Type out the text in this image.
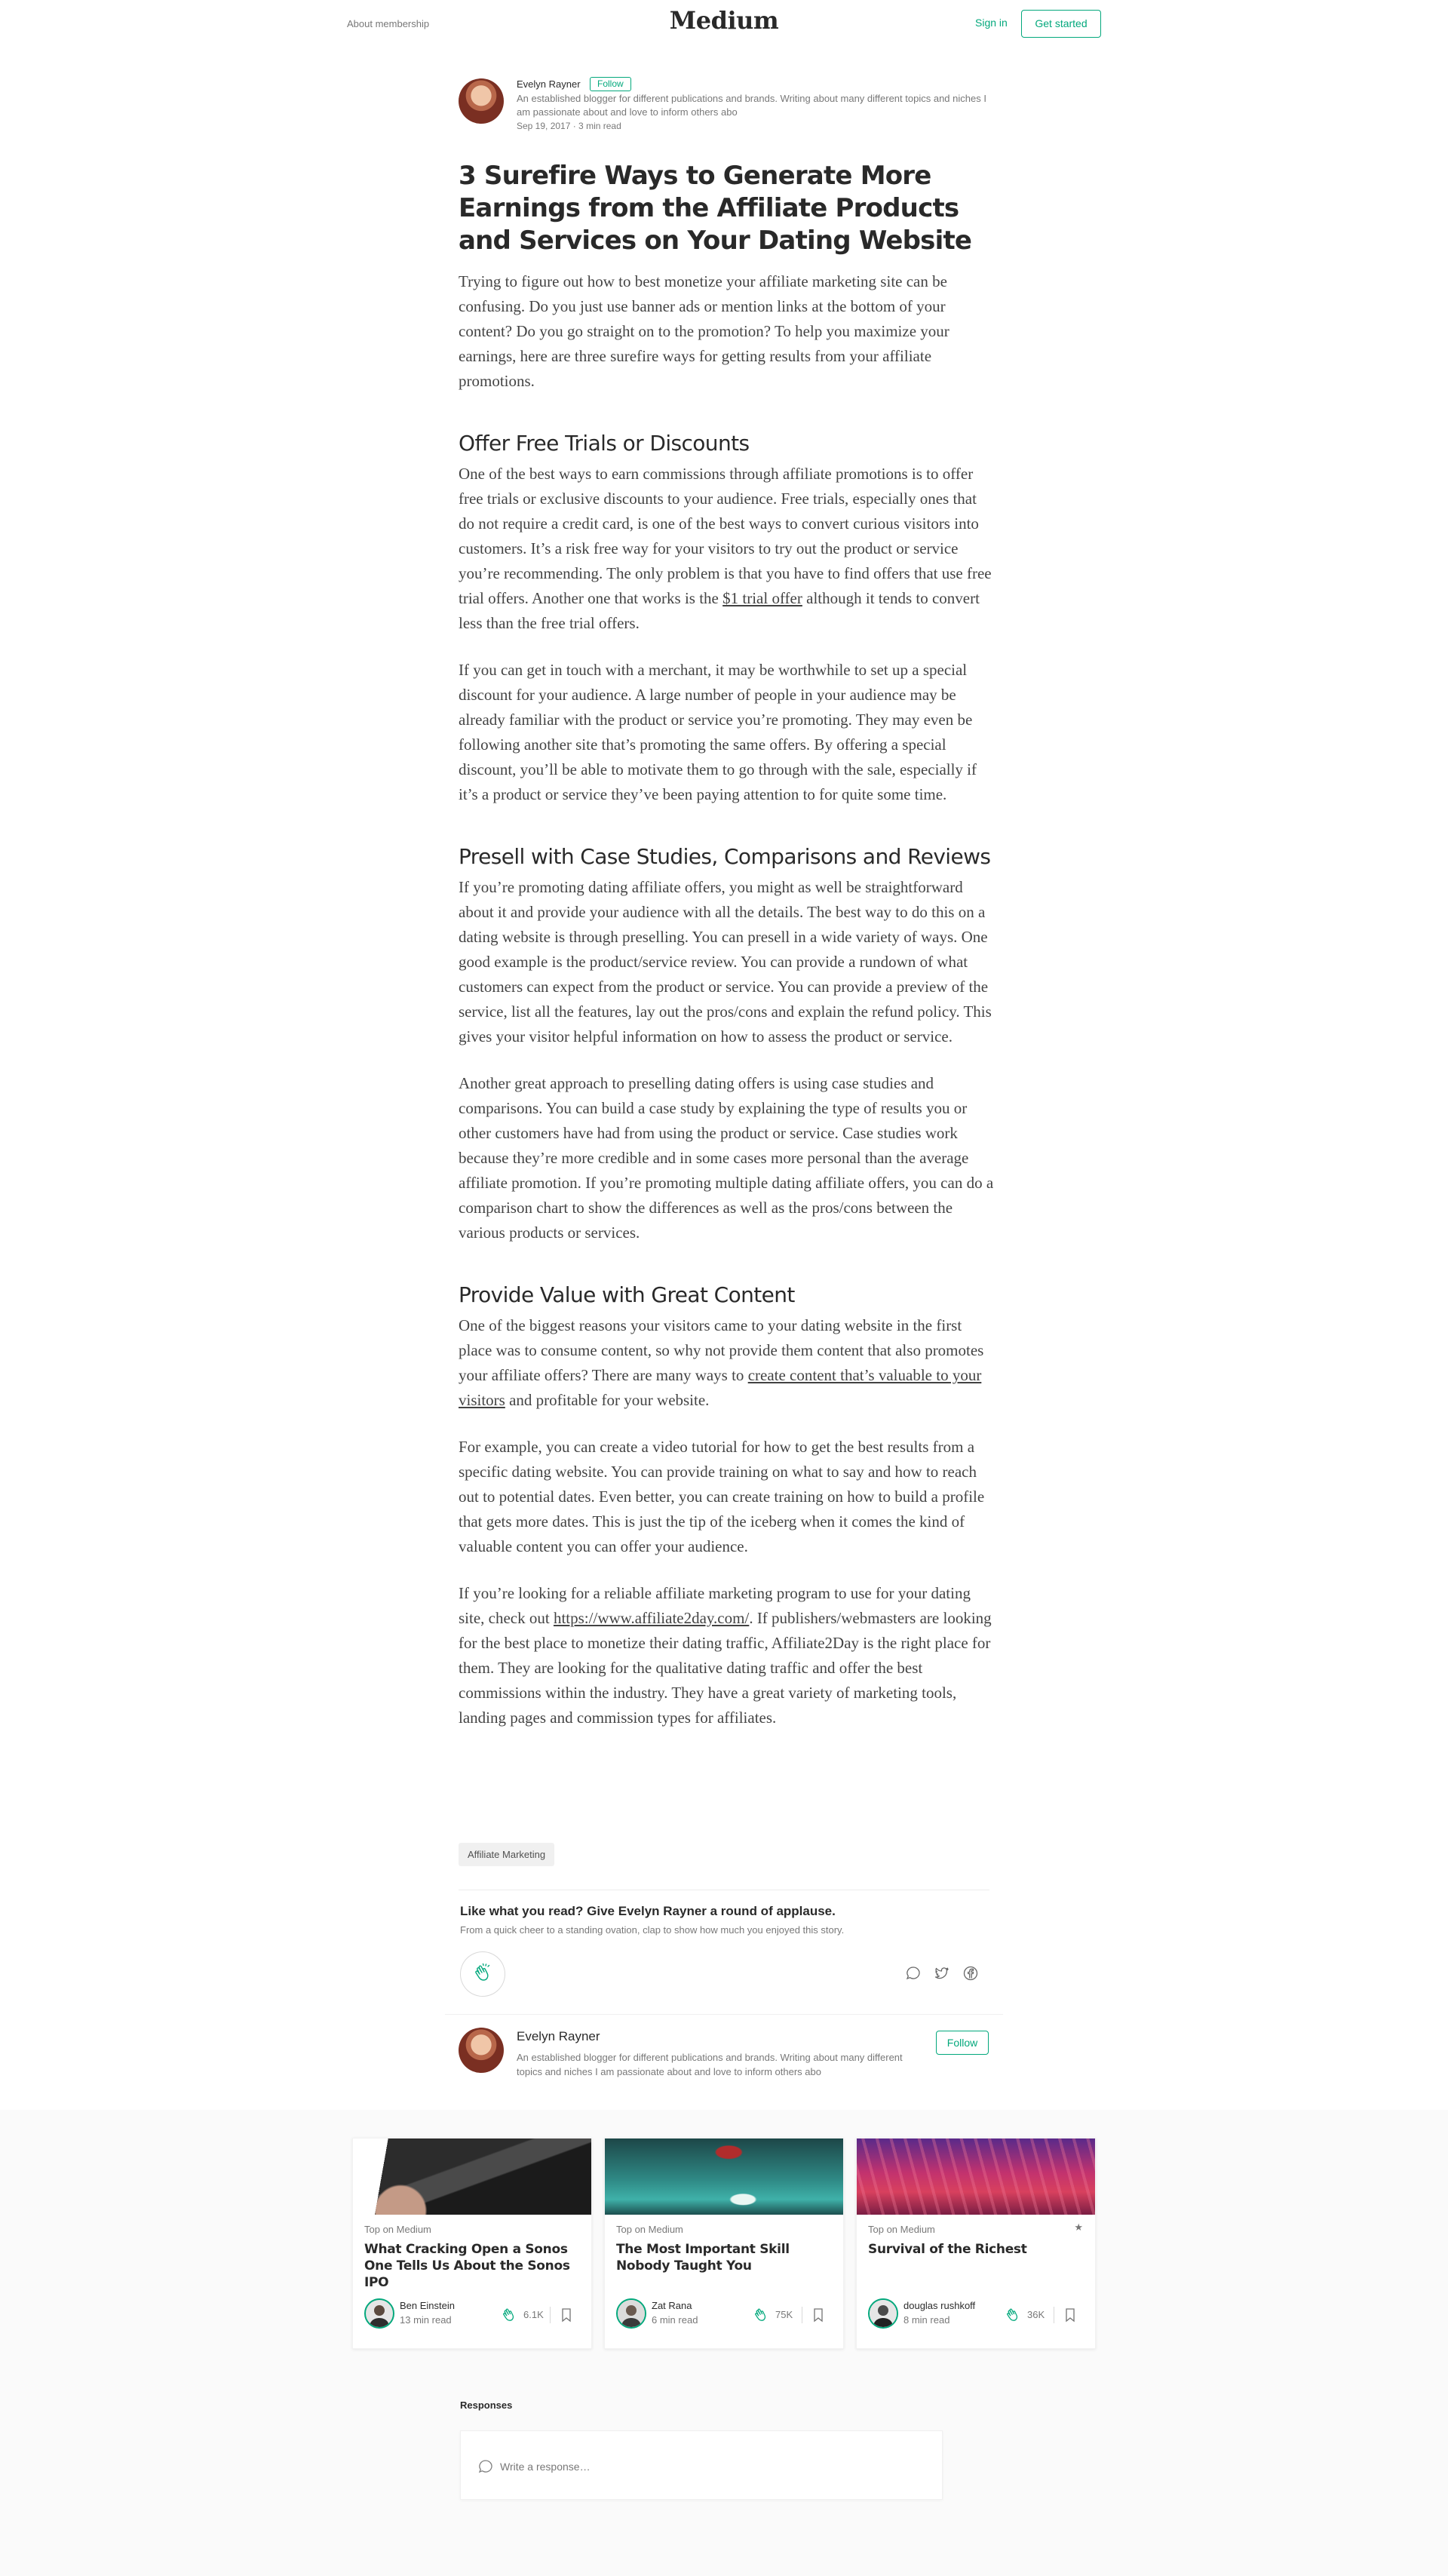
About membership	Medium	Sign in	Get started
Evelyn Rayner	Follow
An established blogger for different publications and brands. Writing about many different topics and niches I am passionate about and love to inform others abo
Sep 19, 2017 · 3 min read
3 Surefire Ways to Generate More Earnings from the Affiliate Products and Services on Your Dating Website

Trying to figure out how to best monetize your affiliate marketing site can be confusing. Do you just use banner ads or mention links at the bottom of your content? Do you go straight on to the promotion? To help you maximize your earnings, here are three surefire ways for getting results from your affiliate promotions.

Offer Free Trials or Discounts

One of the best ways to earn commissions through affiliate promotions is to offer free trials or exclusive discounts to your audience. Free trials, especially ones that do not require a credit card, is one of the best ways to convert curious visitors into customers. It’s a risk free way for your visitors to try out the product or service you’re recommending. The only problem is that you have to find offers that use free trial offers. Another one that works is the $1 trial offer although it tends to convert less than the free trial offers.

If you can get in touch with a merchant, it may be worthwhile to set up a special discount for your audience. A large number of people in your audience may be already familiar with the product or service you’re promoting. They may even be following another site that’s promoting the same offers. By offering a special discount, you’ll be able to motivate them to go through with the sale, especially if it’s a product or service they’ve been paying attention to for quite some time.

Presell with Case Studies, Comparisons and Reviews

If you’re promoting dating affiliate offers, you might as well be straightforward about it and provide your audience with all the details. The best way to do this on a dating website is through preselling. You can presell in a wide variety of ways. One good example is the product/service review. You can provide a rundown of what customers can expect from the product or service. You can provide a preview of the service, list all the features, lay out the pros/cons and explain the refund policy. This gives your visitor helpful information on how to assess the product or service.

Another great approach to preselling dating offers is using case studies and comparisons. You can build a case study by explaining the type of results you or other customers have had from using the product or service. Case studies work because they’re more credible and in some cases more personal than the average affiliate promotion. If you’re promoting multiple dating affiliate offers, you can do a comparison chart to show the differences as well as the pros/cons between the various products or services.

Provide Value with Great Content

One of the biggest reasons your visitors came to your dating website in the first place was to consume content, so why not provide them content that also promotes your affiliate offers? There are many ways to create content that’s valuable to your visitors and profitable for your website.

For example, you can create a video tutorial for how to get the best results from a specific dating website. You can provide training on what to say and how to reach out to potential dates. Even better, you can create training on how to build a profile that gets more dates. This is just the tip of the iceberg when it comes the kind of valuable content you can offer your audience.

If you’re looking for a reliable affiliate marketing program to use for your dating site, check out https://www.affiliate2day.com/. If publishers/webmasters are looking for the best place to monetize their dating traffic, Affiliate2Day is the right place for them. They are looking for the qualitative dating traffic and offer the best commissions within the industry. They have a great variety of marketing tools, landing pages and commission types for affiliates.

Affiliate Marketing
Like what you read? Give Evelyn Rayner a round of applause.
From a quick cheer to a standing ovation, clap to show how much you enjoyed this story.
Evelyn Rayner
An established blogger for different publications and brands. Writing about many different topics and niches I am passionate about and love to inform others abo
Follow
Top on Medium
What Cracking Open a Sonos One Tells Us About the Sonos IPO
Ben Einstein
13 min read	6.1K
Top on Medium
The Most Important Skill Nobody Taught You
Zat Rana
6 min read	75K
Top on Medium	★
Survival of the Richest
douglas rushkoff
8 min read	36K
Responses
Write a response…
